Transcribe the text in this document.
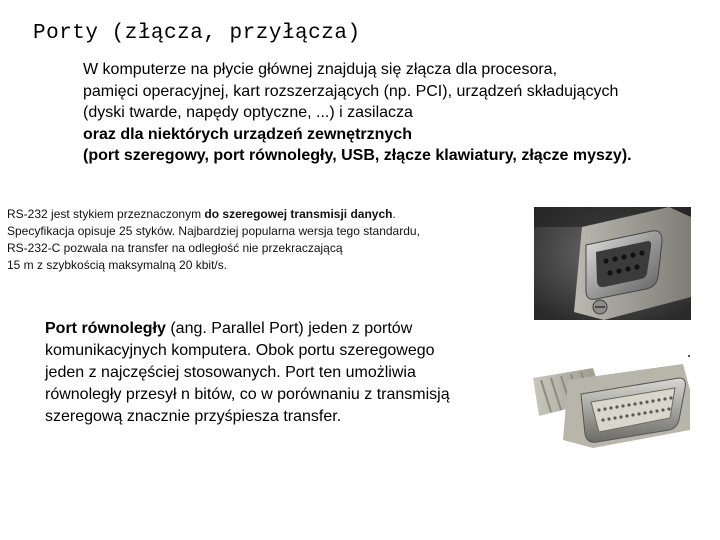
Porty (złącza, przyłącza)
W komputerze na płycie głównej znajdują się złącza dla procesora,
pamięci operacyjnej, kart rozszerzających (np. PCI), urządzeń składujących
(dyski twarde, napędy optyczne, ...) i zasilacza
oraz dla niektórych urządzeń zewnętrznych
(port szeregowy, port równoległy, USB, złącze klawiatury, złącze myszy).
RS-232 jest stykiem przeznaczonym do szeregowej transmisji danych.
Specyfikacja opisuje 25 styków. Najbardziej popularna wersja tego standardu,
RS-232-C pozwala na transfer na odległość nie przekraczającą
15 m z szybkością maksymalną 20 kbit/s.
Port równoległy (ang. Parallel Port) jeden z portów
komunikacyjnych komputera. Obok portu szeregowego
jeden z najczęściej stosowanych. Port ten umożliwia
równoległy przesył n bitów, co w porównaniu z transmisją
szeregową znacznie przyśpiesza transfer.
